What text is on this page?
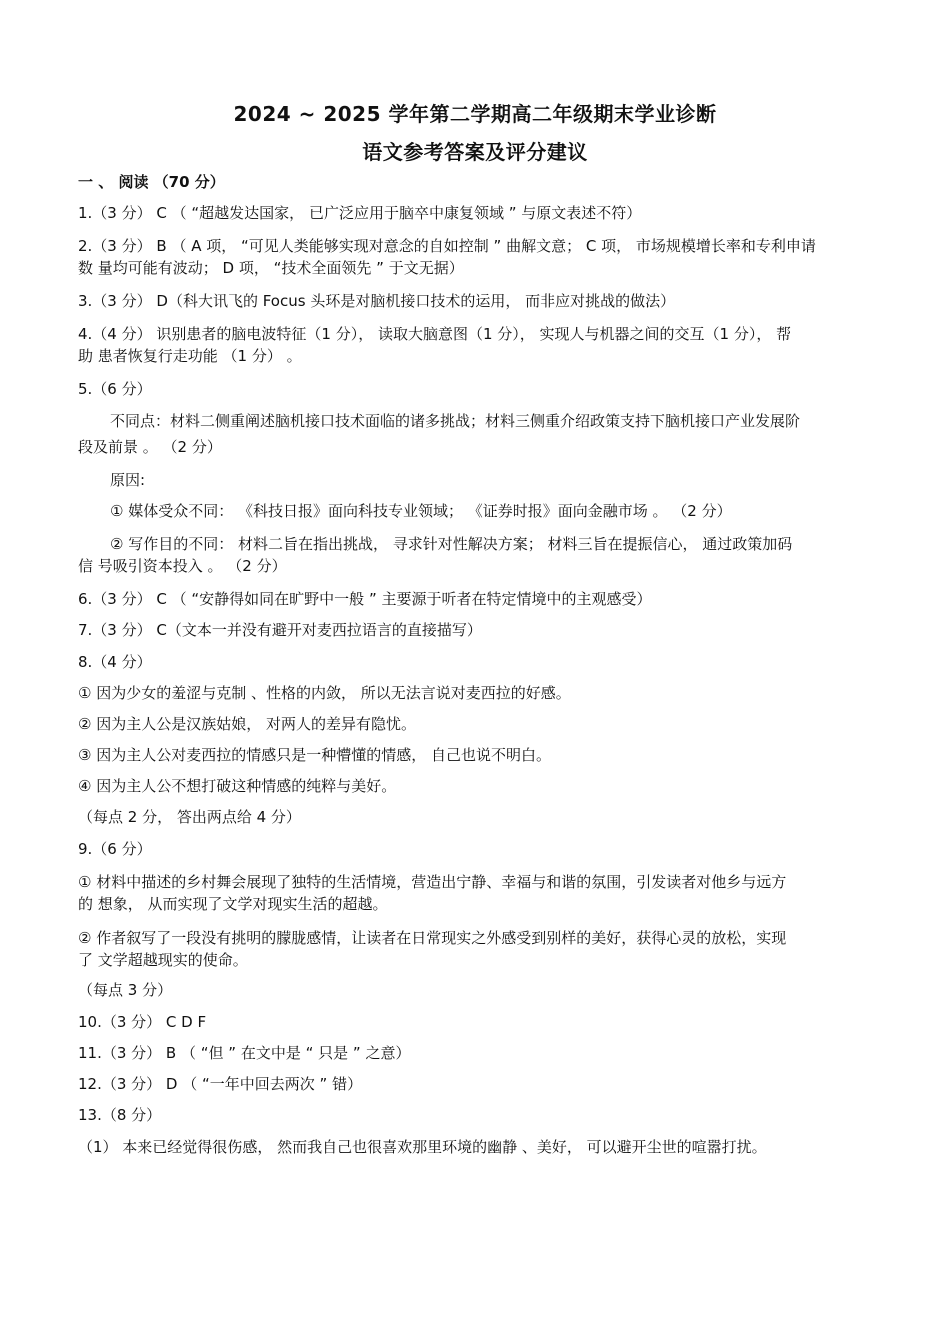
2024 ~ 2025 学年第二学期高二年级期末学业诊断
语文参考答案及评分建议
一 、 阅读 （70 分）
1.（3 分） C （ “超越发达国家， 已广泛应用于脑卒中康复领域 ” 与原文表述不符）
2.（3 分） B （ A 项， “可见人类能够实现对意念的自如控制 ” 曲解文意； C 项， 市场规模增长率和专利申请
数 量均可能有波动； D 项， “技术全面领先 ” 于文无据）
3.（3 分） D（科大讯飞的 Focus 头环是对脑机接口技术的运用， 而非应对挑战的做法）
4.（4 分） 识别患者的脑电波特征（1 分）， 读取大脑意图（1 分）， 实现人与机器之间的交互（1 分）， 帮
助 患者恢复行走功能 （1 分） 。
5.（6 分）
不同点：材料二侧重阐述脑机接口技术面临的诸多挑战；材料三侧重介绍政策支持下脑机接口产业发展阶
段及前景 。 （2 分）
原因:
① 媒体受众不同： 《科技日报》面向科技专业领域； 《证券时报》面向金融市场 。 （2 分）
② 写作目的不同： 材料二旨在指出挑战， 寻求针对性解决方案； 材料三旨在提振信心， 通过政策加码
信 号吸引资本投入 。 （2 分）
6.（3 分） C （ “安静得如同在旷野中一般 ” 主要源于听者在特定情境中的主观感受）
7.（3 分） C（文本一并没有避开对麦西拉语言的直接描写）
8.（4 分）
① 因为少女的羞涩与克制 、性格的内敛， 所以无法言说对麦西拉的好感。
② 因为主人公是汉族姑娘， 对两人的差异有隐忧。
③ 因为主人公对麦西拉的情感只是一种懵懂的情感， 自己也说不明白。
④ 因为主人公不想打破这种情感的纯粹与美好。
（每点 2 分， 答出两点给 4 分）
9.（6 分）
① 材料中描述的乡村舞会展现了独特的生活情境，营造出宁静、幸福与和谐的氛围，引发读者对他乡与远方
的 想象， 从而实现了文学对现实生活的超越。
② 作者叙写了一段没有挑明的朦胧感情，让读者在日常现实之外感受到别样的美好，获得心灵的放松，实现
了 文学超越现实的使命。
（每点 3 分）
10.（3 分） C D F
11.（3 分） B （ “但 ” 在文中是 “ 只是 ” 之意）
12.（3 分） D （ “一年中回去两次 ” 错）
13.（8 分）
（1） 本来已经觉得很伤感， 然而我自己也很喜欢那里环境的幽静 、美好， 可以避开尘世的喧嚣打扰。
